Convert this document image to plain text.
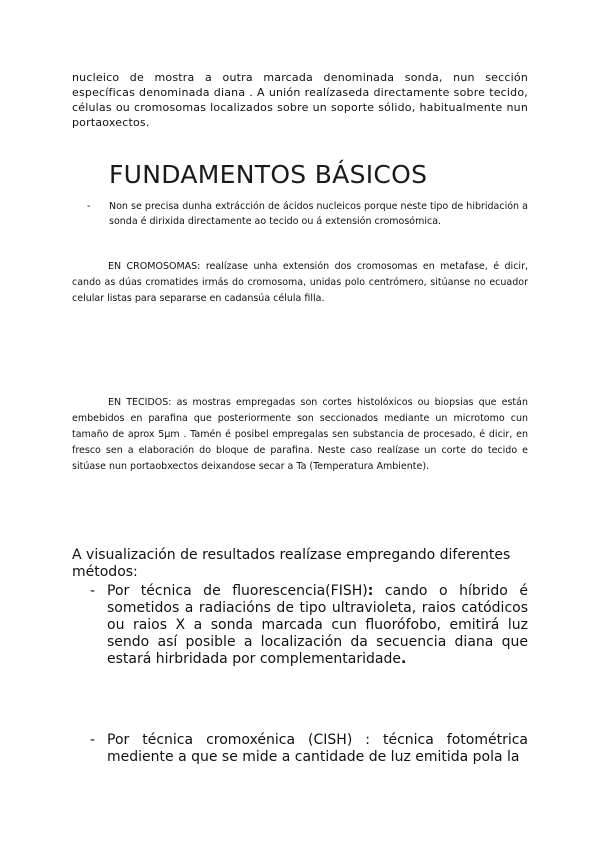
nucleico de mostra a outra marcada denominada sonda, nun sección específicas denominada diana . A unión realízaseda directamente sobre tecido, células ou cromosomas localizados sobre un soporte sólido, habitualmente nun portaoxectos.

FUNDAMENTOS BÁSICOS
- Non se precisa dunha extrácción de ácidos nucleicos porque neste tipo de hibridación a sonda é dirixida directamente ao tecido ou á extensión cromosómica.

EN CROMOSOMAS: realízase unha extensión dos cromosomas en metafase, é dicir, cando as dúas cromatides irmás do cromosoma, unidas polo centrómero, sitúanse no ecuador celular listas para separarse en cadansúa célula filla.

EN TECIDOS: as mostras empregadas son cortes histolóxicos ou biopsias que están embebidos en parafina que posteriormente son seccionados mediante un microtomo cun tamaño de aprox 5µm . Tamén é posibel empregalas sen substancia de procesado, é dicir, en fresco sen a elaboración do bloque de parafina. Neste caso realízase un corte do tecido e sitúase nun portaobxectos deixandose secar a Ta (Temperatura Ambiente).

A visualización de resultados realízase empregando diferentes métodos:

- Por técnica de fluorescencia(FISH): cando o híbrido é sometidos a radiacións de tipo ultravioleta, raios catódicos ou raios X a sonda marcada cun fluorófobo, emitirá luz sendo así posible a localización da secuencia diana que estará hirbridada por complementaridade.
- Por técnica cromoxénica (CISH) : técnica fotométrica mediente a que se mide a cantidade de luz emitida pola la
